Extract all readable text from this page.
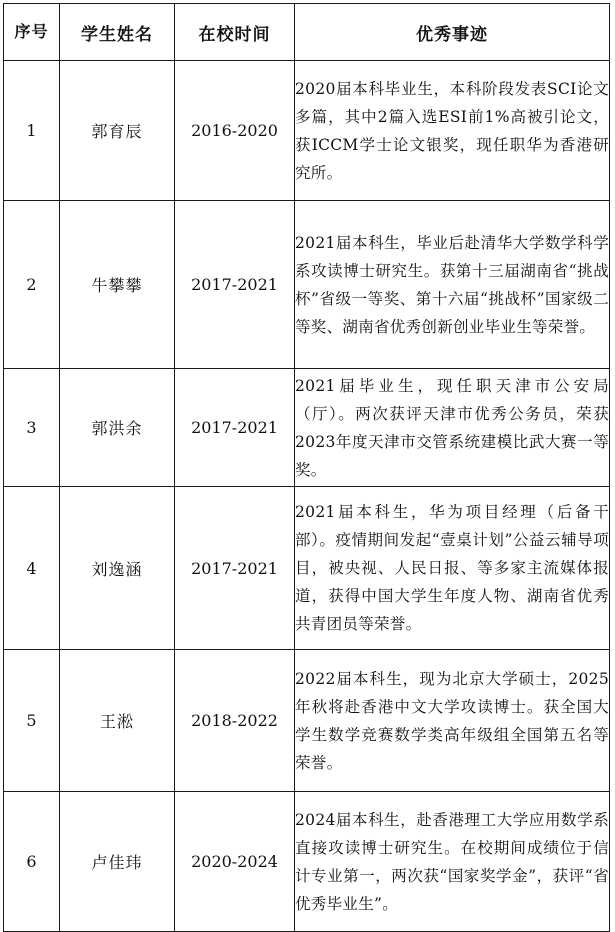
序号	学生姓名	在校时间	优秀事迹
1	郭育辰	2016-2020	2020届本科毕业生，本科阶段发表SCI论文多篇，其中2篇入选ESI前1%高被引论文，获ICCM学士论文银奖，现任职华为香港研究所。
2	牛攀攀	2017-2021	2021届本科生，毕业后赴清华大学数学科学系攻读博士研究生。获第十三届湖南省“挑战杯”省级一等奖、第十六届“挑战杯”国家级二等奖、湖南省优秀创新创业毕业生等荣誉。
3	郭洪余	2017-2021	2021届毕业生，现任职天津市公安局（厅）。两次获评天津市优秀公务员，荣获2023年度天津市交管系统建模比武大赛一等奖。
4	刘逸涵	2017-2021	2021届本科生，华为项目经理（后备干部）。疫情期间发起“壹桌计划”公益云辅导项目，被央视、人民日报、等多家主流媒体报道，获得中国大学生年度人物、湖南省优秀共青团员等荣誉。
5	王淞	2018-2022	2022届本科生，现为北京大学硕士，2025年秋将赴香港中文大学攻读博士。获全国大学生数学竞赛数学类高年级组全国第五名等荣誉。
6	卢佳玮	2020-2024	2024届本科生，赴香港理工大学应用数学系直接攻读博士研究生。在校期间成绩位于信计专业第一，两次获“国家奖学金”，获评“省优秀毕业生”。
